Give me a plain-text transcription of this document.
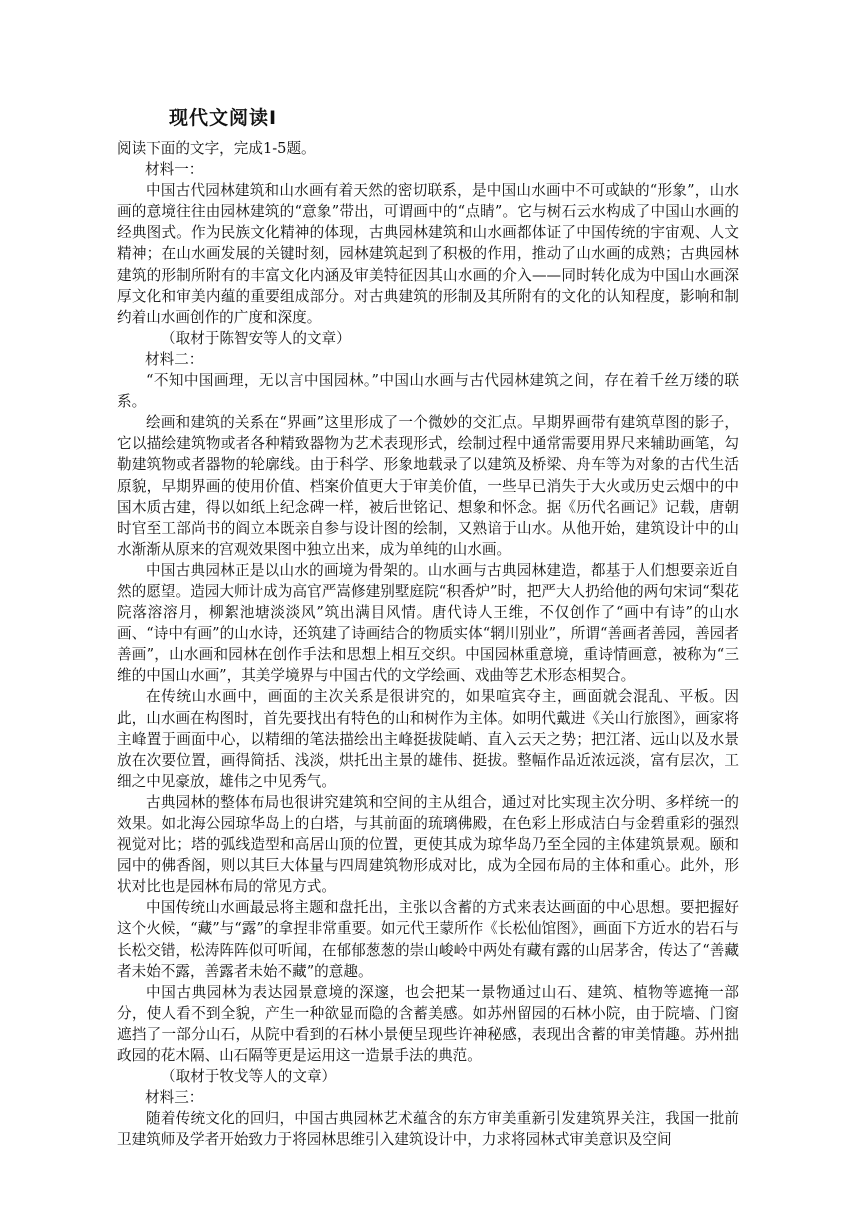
现代文阅读Ⅰ

阅读下面的文字，完成1-5题。

材料一：

中国古代园林建筑和山水画有着天然的密切联系，是中国山水画中不可或缺的“形象”，山水画的意境往往由园林建筑的“意象”带出，可谓画中的“点睛”。它与树石云水构成了中国山水画的经典图式。作为民族文化精神的体现，古典园林建筑和山水画都体证了中国传统的宇宙观、人文精神；在山水画发展的关键时刻，园林建筑起到了积极的作用，推动了山水画的成熟；古典园林建筑的形制所附有的丰富文化内涵及审美特征因其山水画的介入——同时转化成为中国山水画深厚文化和审美内蕴的重要组成部分。对古典建筑的形制及其所附有的文化的认知程度，影响和制约着山水画创作的广度和深度。

（取材于陈智安等人的文章）

材料二：

“不知中国画理，无以言中国园林。”中国山水画与古代园林建筑之间，存在着千丝万缕的联系。

绘画和建筑的关系在“界画”这里形成了一个微妙的交汇点。早期界画带有建筑草图的影子，它以描绘建筑物或者各种精致器物为艺术表现形式，绘制过程中通常需要用界尺来辅助画笔，勾勒建筑物或者器物的轮廓线。由于科学、形象地载录了以建筑及桥梁、舟车等为对象的古代生活原貌，早期界画的使用价值、档案价值更大于审美价值，一些早已消失于大火或历史云烟中的中国木质古建，得以如纸上纪念碑一样，被后世铭记、想象和怀念。据《历代名画记》记载，唐朝时官至工部尚书的阎立本既亲自参与设计图的绘制，又熟谙于山水。从他开始，建筑设计中的山水渐渐从原来的宫观效果图中独立出来，成为单纯的山水画。

中国古典园林正是以山水的画境为骨架的。山水画与古典园林建造，都基于人们想要亲近自然的愿望。造园大师计成为高官严嵩修建别墅庭院“积香炉”时，把严大人扔给他的两句宋词“梨花院落溶溶月，柳絮池塘淡淡风”筑出满目风情。唐代诗人王维，不仅创作了“画中有诗”的山水画、“诗中有画”的山水诗，还筑建了诗画结合的物质实体“辋川别业”，所谓“善画者善园，善园者善画”，山水画和园林在创作手法和思想上相互交织。中国园林重意境，重诗情画意，被称为“三维的中国山水画”，其美学境界与中国古代的文学绘画、戏曲等艺术形态相契合。

在传统山水画中，画面的主次关系是很讲究的，如果喧宾夺主，画面就会混乱、平板。因此，山水画在构图时，首先要找出有特色的山和树作为主体。如明代戴进《关山行旅图》，画家将主峰置于画面中心，以精细的笔法描绘出主峰挺拔陡峭、直入云天之势；把江渚、远山以及水景放在次要位置，画得简括、浅淡，烘托出主景的雄伟、挺拔。整幅作品近浓远淡，富有层次，工细之中见豪放，雄伟之中见秀气。

古典园林的整体布局也很讲究建筑和空间的主从组合，通过对比实现主次分明、多样统一的效果。如北海公园琼华岛上的白塔，与其前面的琉璃佛殿，在色彩上形成洁白与金碧重彩的强烈视觉对比；塔的弧线造型和高居山顶的位置，更使其成为琼华岛乃至全园的主体建筑景观。颐和园中的佛香阁，则以其巨大体量与四周建筑物形成对比，成为全园布局的主体和重心。此外，形状对比也是园林布局的常见方式。

中国传统山水画最忌将主题和盘托出，主张以含蓄的方式来表达画面的中心思想。要把握好这个火候，“藏”与“露”的拿捏非常重要。如元代王蒙所作《长松仙馆图》，画面下方近水的岩石与长松交错，松涛阵阵似可听闻，在郁郁葱葱的崇山峻岭中两处有藏有露的山居茅舍，传达了“善藏者未始不露，善露者未始不藏”的意趣。

中国古典园林为表达园景意境的深邃，也会把某一景物通过山石、建筑、植物等遮掩一部分，使人看不到全貌，产生一种欲显而隐的含蓄美感。如苏州留园的石林小院，由于院墙、门窗遮挡了一部分山石，从院中看到的石林小景便呈现些许神秘感，表现出含蓄的审美情趣。苏州拙政园的花木隔、山石隔等更是运用这一造景手法的典范。

（取材于牧戈等人的文章）

材料三：

随着传统文化的回归，中国古典园林艺术蕴含的东方审美重新引发建筑界关注，我国一批前卫建筑师及学者开始致力于将园林思维引入建筑设计中，力求将园林式审美意识及空间
